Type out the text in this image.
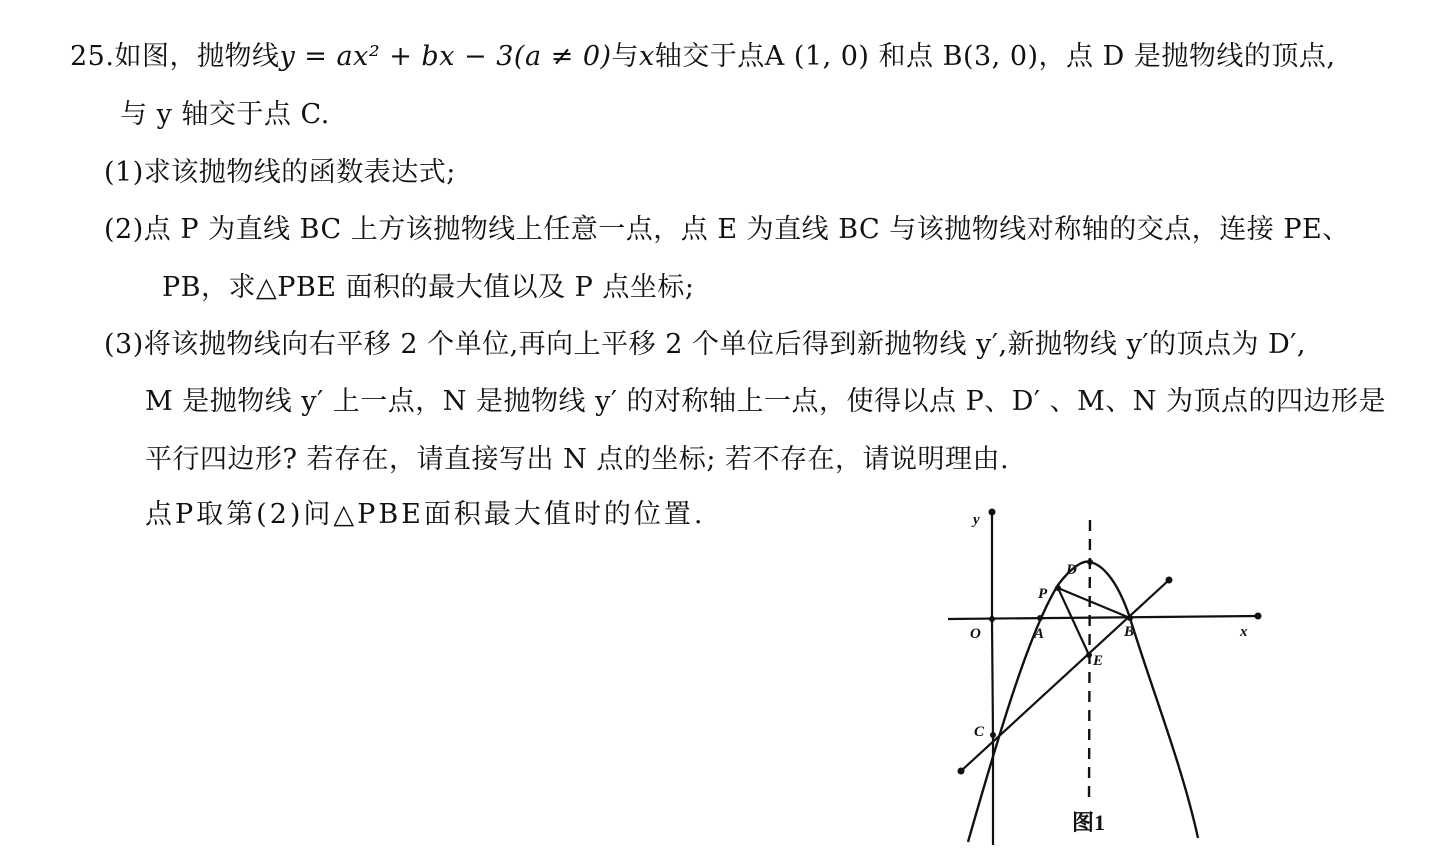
25.如图，抛物线y = ax² + bx − 3(a ≠ 0)与x轴交于点A (1, 0) 和点 B(3, 0)，点 D 是抛物线的顶点,
与 y 轴交于点 C.
(1)求该抛物线的函数表达式;
(2)点 P 为直线 BC 上方该抛物线上任意一点，点 E 为直线 BC 与该抛物线对称轴的交点，连接 PE、
PB，求△PBE 面积的最大值以及 P 点坐标;
(3)将该抛物线向右平移 2 个单位,再向上平移 2 个单位后得到新抛物线 y′,新抛物线 y′的顶点为 D′,
M 是抛物线 y′ 上一点，N 是抛物线 y′ 的对称轴上一点，使得以点 P、D′ 、M、N 为顶点的四边形是
平行四边形? 若存在，请直接写出 N 点的坐标; 若不存在，请说明理由.
点P取第(2)问△PBE面积最大值时的位置.	y
x
O	A	B
C
D
P
E
图1
